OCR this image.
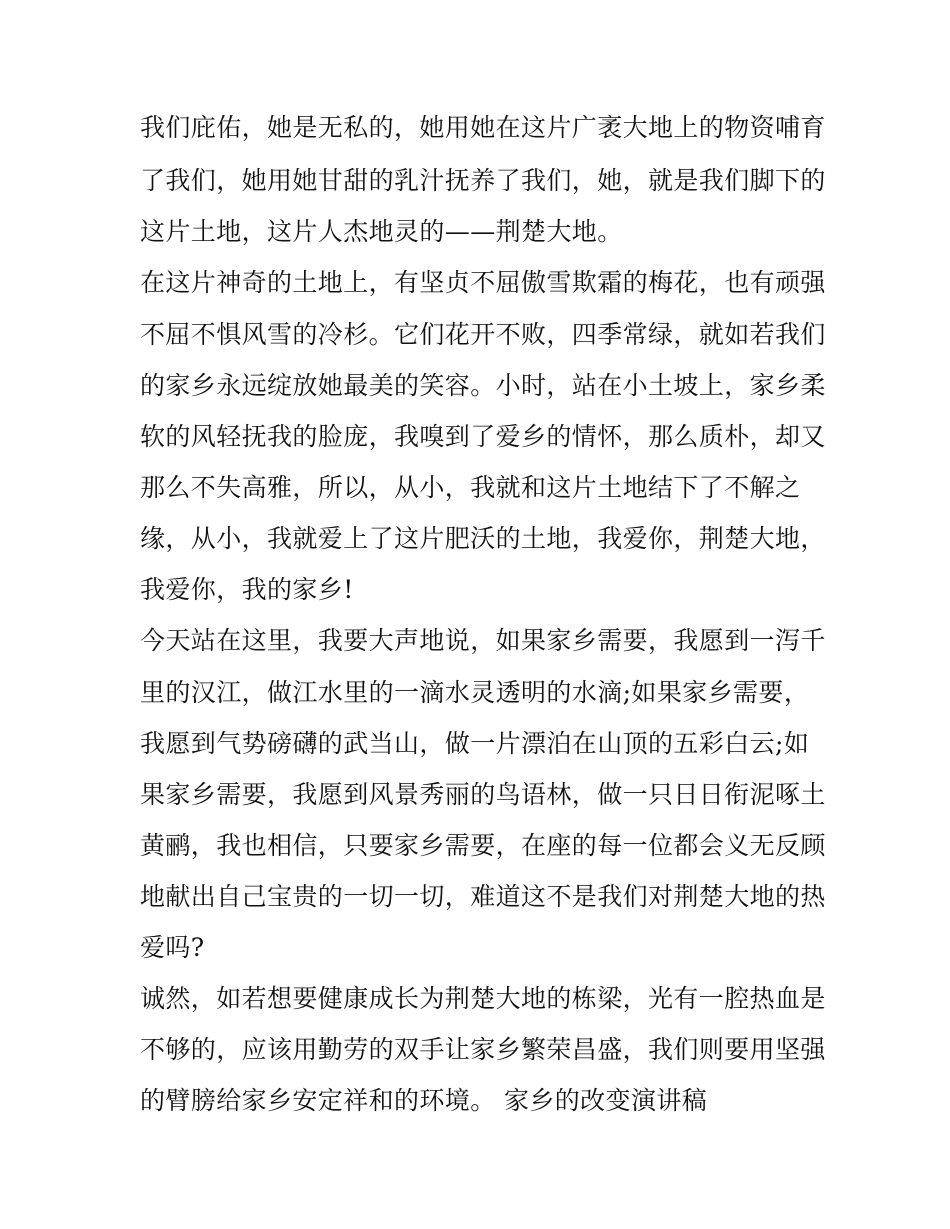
我们庇佑，她是无私的，她用她在这片广袤大地上的物资哺育
了我们，她用她甘甜的乳汁抚养了我们，她，就是我们脚下的
这片土地，这片人杰地灵的——荆楚大地。
在这片神奇的土地上，有坚贞不屈傲雪欺霜的梅花，也有顽强
不屈不惧风雪的冷杉。它们花开不败，四季常绿，就如若我们
的家乡永远绽放她最美的笑容。小时，站在小土坡上，家乡柔
软的风轻抚我的脸庞，我嗅到了爱乡的情怀，那么质朴，却又
那么不失高雅，所以，从小，我就和这片土地结下了不解之
缘，从小，我就爱上了这片肥沃的土地，我爱你，荆楚大地，
我爱你，我的家乡!
今天站在这里，我要大声地说，如果家乡需要，我愿到一泻千
里的汉江，做江水里的一滴水灵透明的水滴;如果家乡需要，
我愿到气势磅礴的武当山，做一片漂泊在山顶的五彩白云;如
果家乡需要，我愿到风景秀丽的鸟语林，做一只日日衔泥啄土
黄鹂，我也相信，只要家乡需要，在座的每一位都会义无反顾
地献出自己宝贵的一切一切，难道这不是我们对荆楚大地的热
爱吗?
诚然，如若想要健康成长为荆楚大地的栋梁，光有一腔热血是
不够的，应该用勤劳的双手让家乡繁荣昌盛，我们则要用坚强
的臂膀给家乡安定祥和的环境。 家乡的改变演讲稿
